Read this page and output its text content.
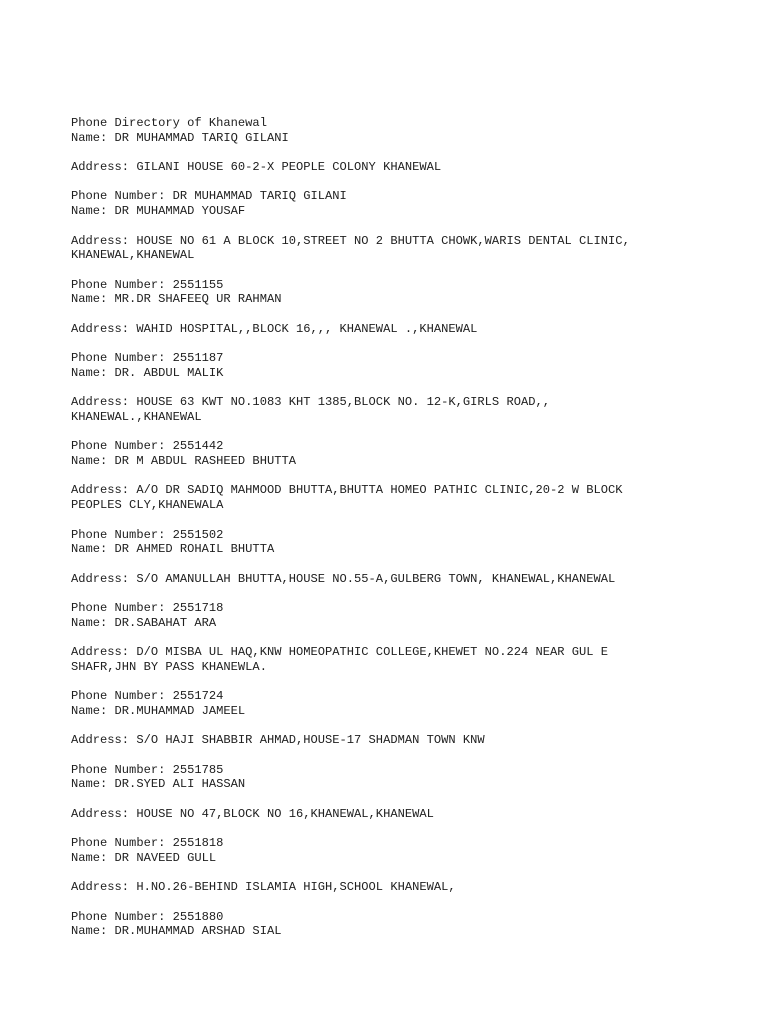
Phone Directory of Khanewal
Name: DR MUHAMMAD TARIQ GILANI
Address: GILANI HOUSE 60-2-X PEOPLE COLONY KHANEWAL
Phone Number: DR MUHAMMAD TARIQ GILANI
Name: DR MUHAMMAD YOUSAF
Address: HOUSE NO 61 A BLOCK 10,STREET NO 2 BHUTTA CHOWK,WARIS DENTAL CLINIC,
KHANEWAL,KHANEWAL
Phone Number: 2551155
Name: MR.DR SHAFEEQ UR RAHMAN
Address: WAHID HOSPITAL,,BLOCK 16,,, KHANEWAL .,KHANEWAL
Phone Number: 2551187
Name: DR. ABDUL MALIK
Address: HOUSE 63 KWT NO.1083 KHT 1385,BLOCK NO. 12-K,GIRLS ROAD,,
KHANEWAL.,KHANEWAL
Phone Number: 2551442
Name: DR M ABDUL RASHEED BHUTTA
Address: A/O DR SADIQ MAHMOOD BHUTTA,BHUTTA HOMEO PATHIC CLINIC,20-2 W BLOCK
PEOPLES CLY,KHANEWALA
Phone Number: 2551502
Name: DR AHMED ROHAIL BHUTTA
Address: S/O AMANULLAH BHUTTA,HOUSE NO.55-A,GULBERG TOWN, KHANEWAL,KHANEWAL
Phone Number: 2551718
Name: DR.SABAHAT ARA
Address: D/O MISBA UL HAQ,KNW HOMEOPATHIC COLLEGE,KHEWET NO.224 NEAR GUL E
SHAFR,JHN BY PASS KHANEWLA.
Phone Number: 2551724
Name: DR.MUHAMMAD JAMEEL
Address: S/O HAJI SHABBIR AHMAD,HOUSE-17 SHADMAN TOWN KNW
Phone Number: 2551785
Name: DR.SYED ALI HASSAN
Address: HOUSE NO 47,BLOCK NO 16,KHANEWAL,KHANEWAL
Phone Number: 2551818
Name: DR NAVEED GULL
Address: H.NO.26-BEHIND ISLAMIA HIGH,SCHOOL KHANEWAL,
Phone Number: 2551880
Name: DR.MUHAMMAD ARSHAD SIAL
